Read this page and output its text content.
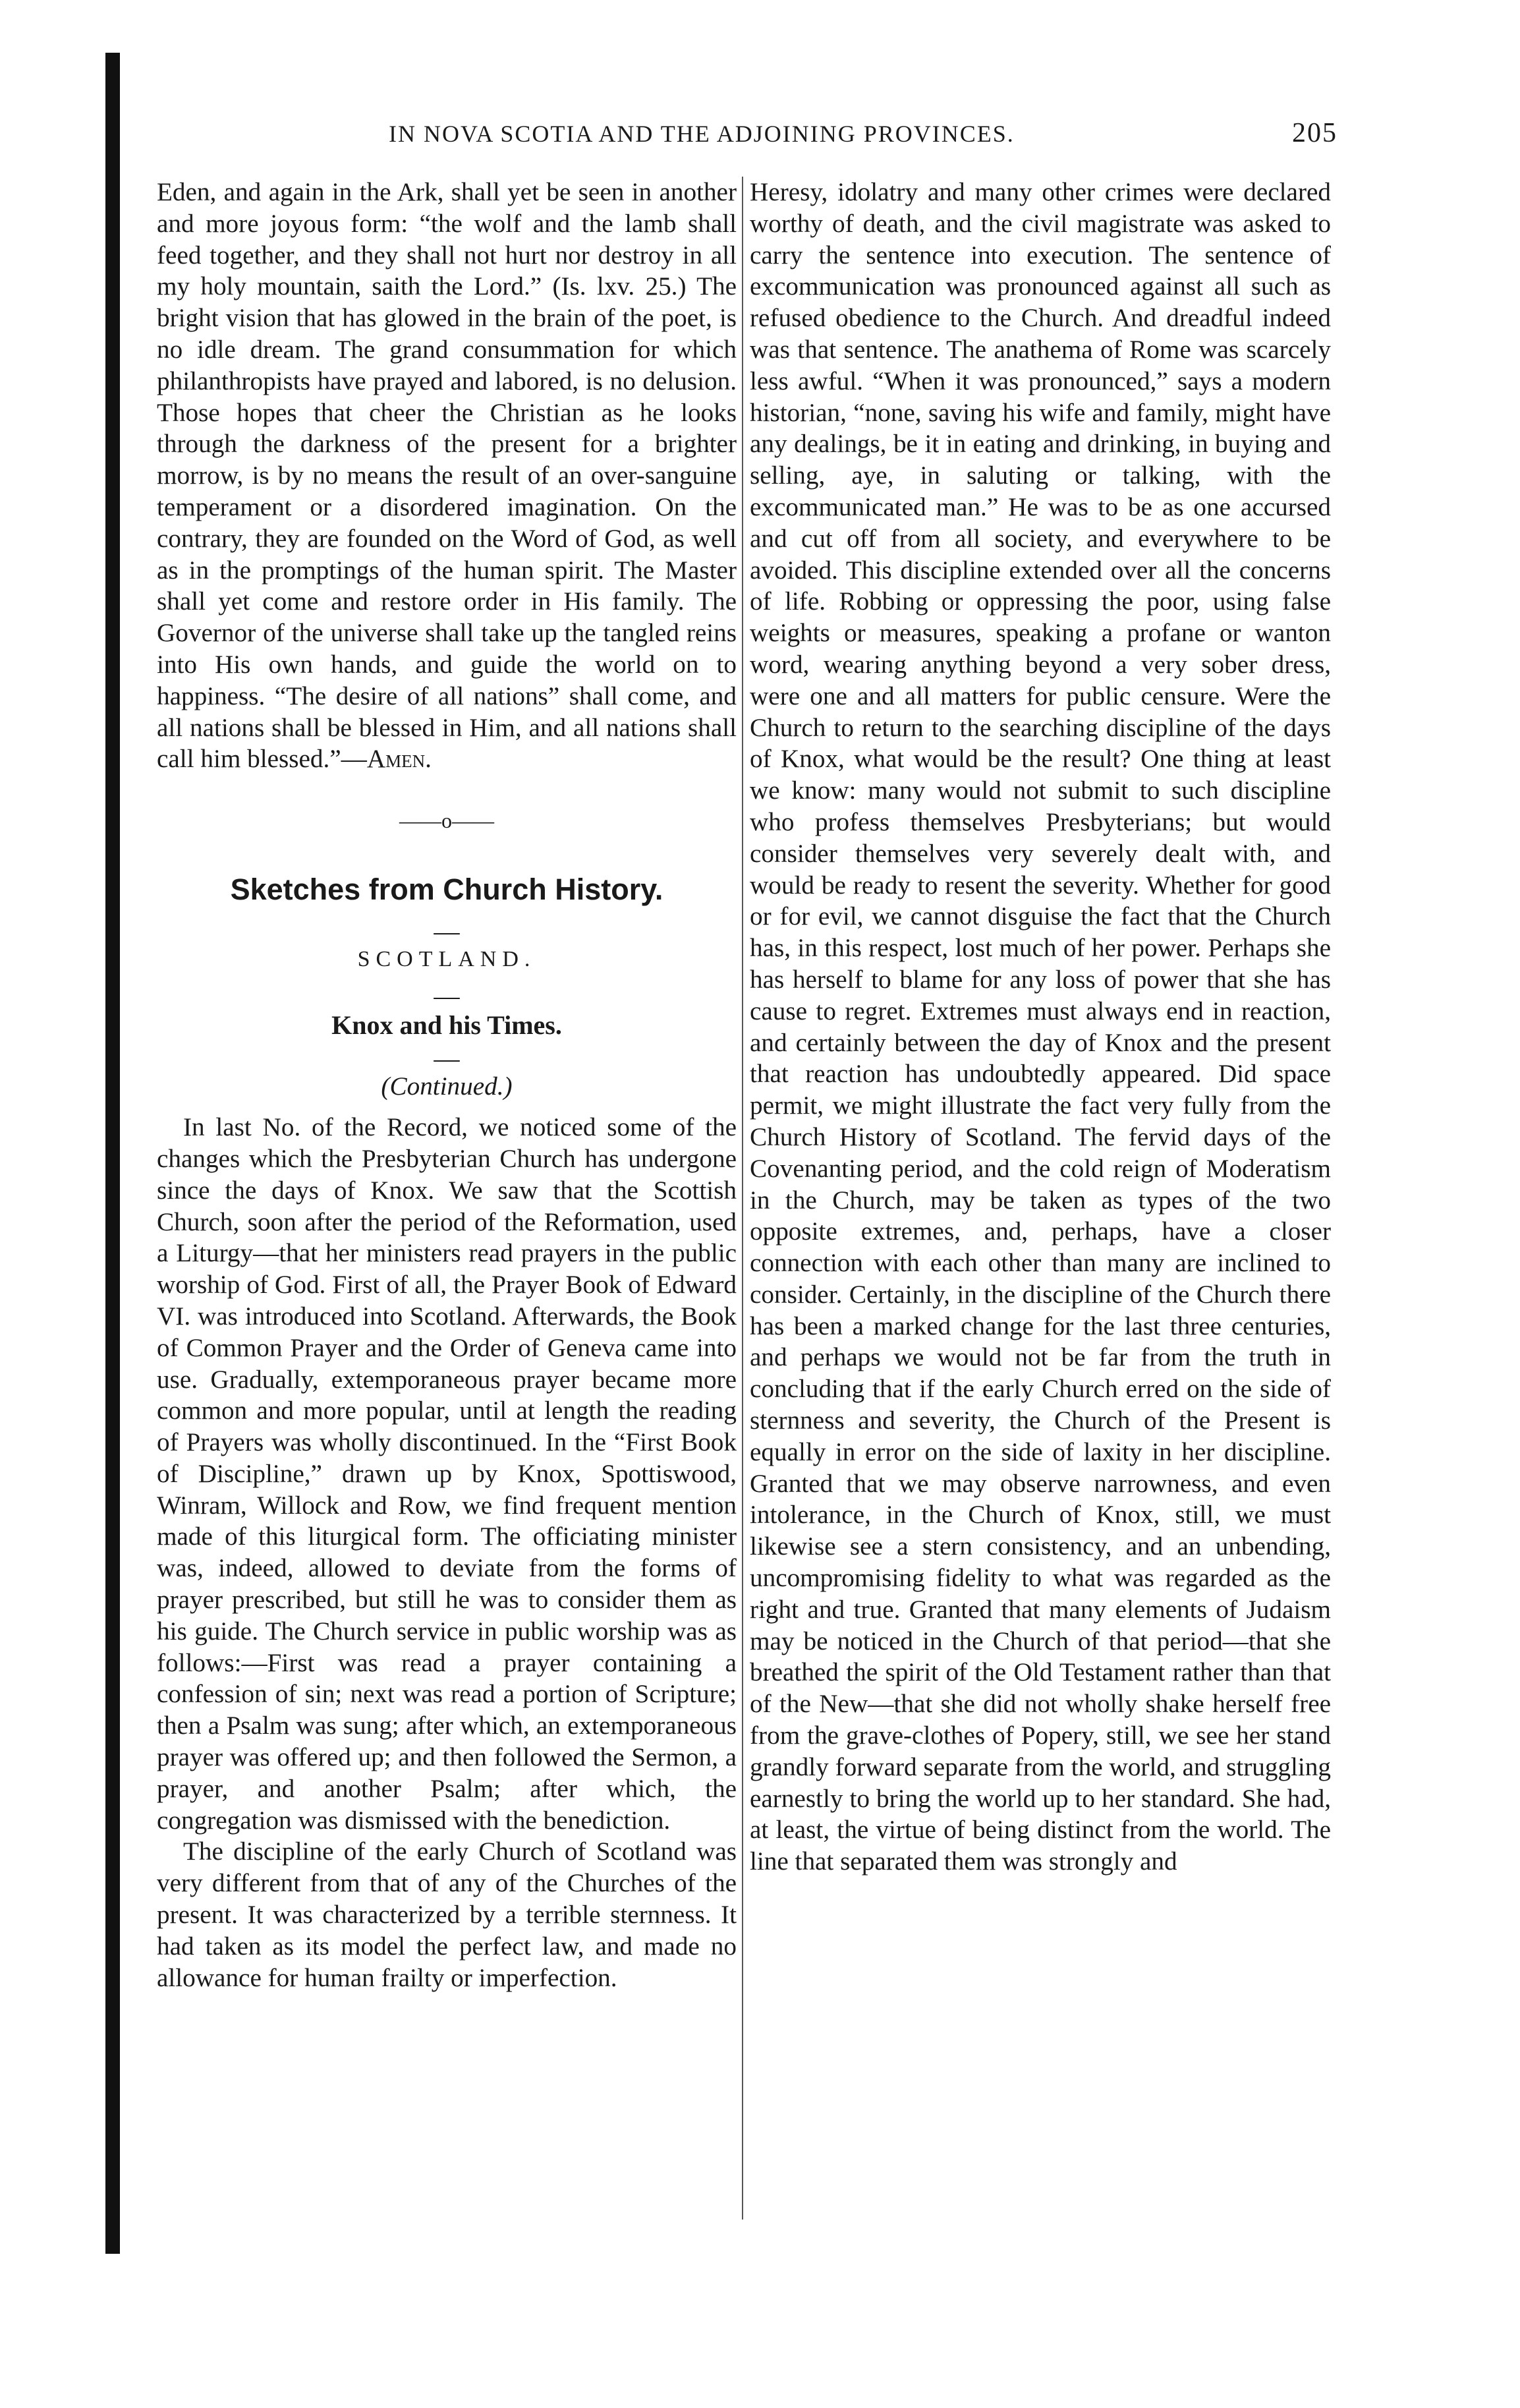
IN NOVA SCOTIA AND THE ADJOINING PROVINCES.	205

Eden, and again in the Ark, shall yet be seen in another and more joyous form: “the wolf and the lamb shall feed together, and they shall not hurt nor destroy in all my holy mountain, saith the Lord.” (Is. lxv. 25.) The bright vision that has glowed in the brain of the poet, is no idle dream. The grand consummation for which philanthropists have prayed and labored, is no delusion. Those hopes that cheer the Christian as he looks through the darkness of the present for a brighter morrow, is by no means the result of an over-sanguine temperament or a disordered imagination. On the contrary, they are founded on the Word of God, as well as in the promptings of the human spirit. The Master shall yet come and restore order in His family. The Governor of the universe shall take up the tangled reins into His own hands, and guide the world on to happiness. “The desire of all nations” shall come, and all nations shall be blessed in Him, and all nations shall call him blessed.”—Amen.

——o——

Sketches from Church History.

—

SCOTLAND.

—

Knox and his Times.

—

(Continued.)

In last No. of the Record, we noticed some of the changes which the Presbyterian Church has undergone since the days of Knox. We saw that the Scottish Church, soon after the period of the Reformation, used a Liturgy—that her ministers read prayers in the public worship of God. First of all, the Prayer Book of Edward VI. was introduced into Scotland. Afterwards, the Book of Common Prayer and the Order of Geneva came into use. Gradually, extemporaneous prayer became more common and more popular, until at length the reading of Prayers was wholly discontinued. In the “First Book of Discipline,” drawn up by Knox, Spottiswood, Winram, Willock and Row, we find frequent mention made of this liturgical form. The officiating minister was, indeed, allowed to deviate from the forms of prayer prescribed, but still he was to consider them as his guide. The Church service in public worship was as follows:—First was read a prayer containing a confession of sin; next was read a portion of Scripture; then a Psalm was sung; after which, an extemporaneous prayer was offered up; and then followed the Sermon, a prayer, and another Psalm; after which, the congregation was dismissed with the benediction.

The discipline of the early Church of Scotland was very different from that of any of the Churches of the present. It was characterized by a terrible sternness. It had taken as its model the perfect law, and made no allowance for human frailty or imperfection.

Heresy, idolatry and many other crimes were declared worthy of death, and the civil magistrate was asked to carry the sentence into execution. The sentence of excommunication was pronounced against all such as refused obedience to the Church. And dreadful indeed was that sentence. The anathema of Rome was scarcely less awful. “When it was pronounced,” says a modern historian, “none, saving his wife and family, might have any dealings, be it in eating and drinking, in buying and selling, aye, in saluting or talking, with the excommunicated man.” He was to be as one accursed and cut off from all society, and everywhere to be avoided. This discipline extended over all the concerns of life. Robbing or oppressing the poor, using false weights or measures, speaking a profane or wanton word, wearing anything beyond a very sober dress, were one and all matters for public censure. Were the Church to return to the searching discipline of the days of Knox, what would be the result? One thing at least we know: many would not submit to such discipline who profess themselves Presbyterians; but would consider themselves very severely dealt with, and would be ready to resent the severity. Whether for good or for evil, we cannot disguise the fact that the Church has, in this respect, lost much of her power. Perhaps she has herself to blame for any loss of power that she has cause to regret. Extremes must always end in reaction, and certainly between the day of Knox and the present that reaction has undoubtedly appeared. Did space permit, we might illustrate the fact very fully from the Church History of Scotland. The fervid days of the Covenanting period, and the cold reign of Moderatism in the Church, may be taken as types of the two opposite extremes, and, perhaps, have a closer connection with each other than many are inclined to consider. Certainly, in the discipline of the Church there has been a marked change for the last three centuries, and perhaps we would not be far from the truth in concluding that if the early Church erred on the side of sternness and severity, the Church of the Present is equally in error on the side of laxity in her discipline. Granted that we may observe narrowness, and even intolerance, in the Church of Knox, still, we must likewise see a stern consistency, and an unbending, uncompromising fidelity to what was regarded as the right and true. Granted that many elements of Judaism may be noticed in the Church of that period—that she breathed the spirit of the Old Testament rather than that of the New—that she did not wholly shake herself free from the grave-clothes of Popery, still, we see her stand grandly forward separate from the world, and struggling earnestly to bring the world up to her standard. She had, at least, the virtue of being distinct from the world. The line that separated them was strongly and
